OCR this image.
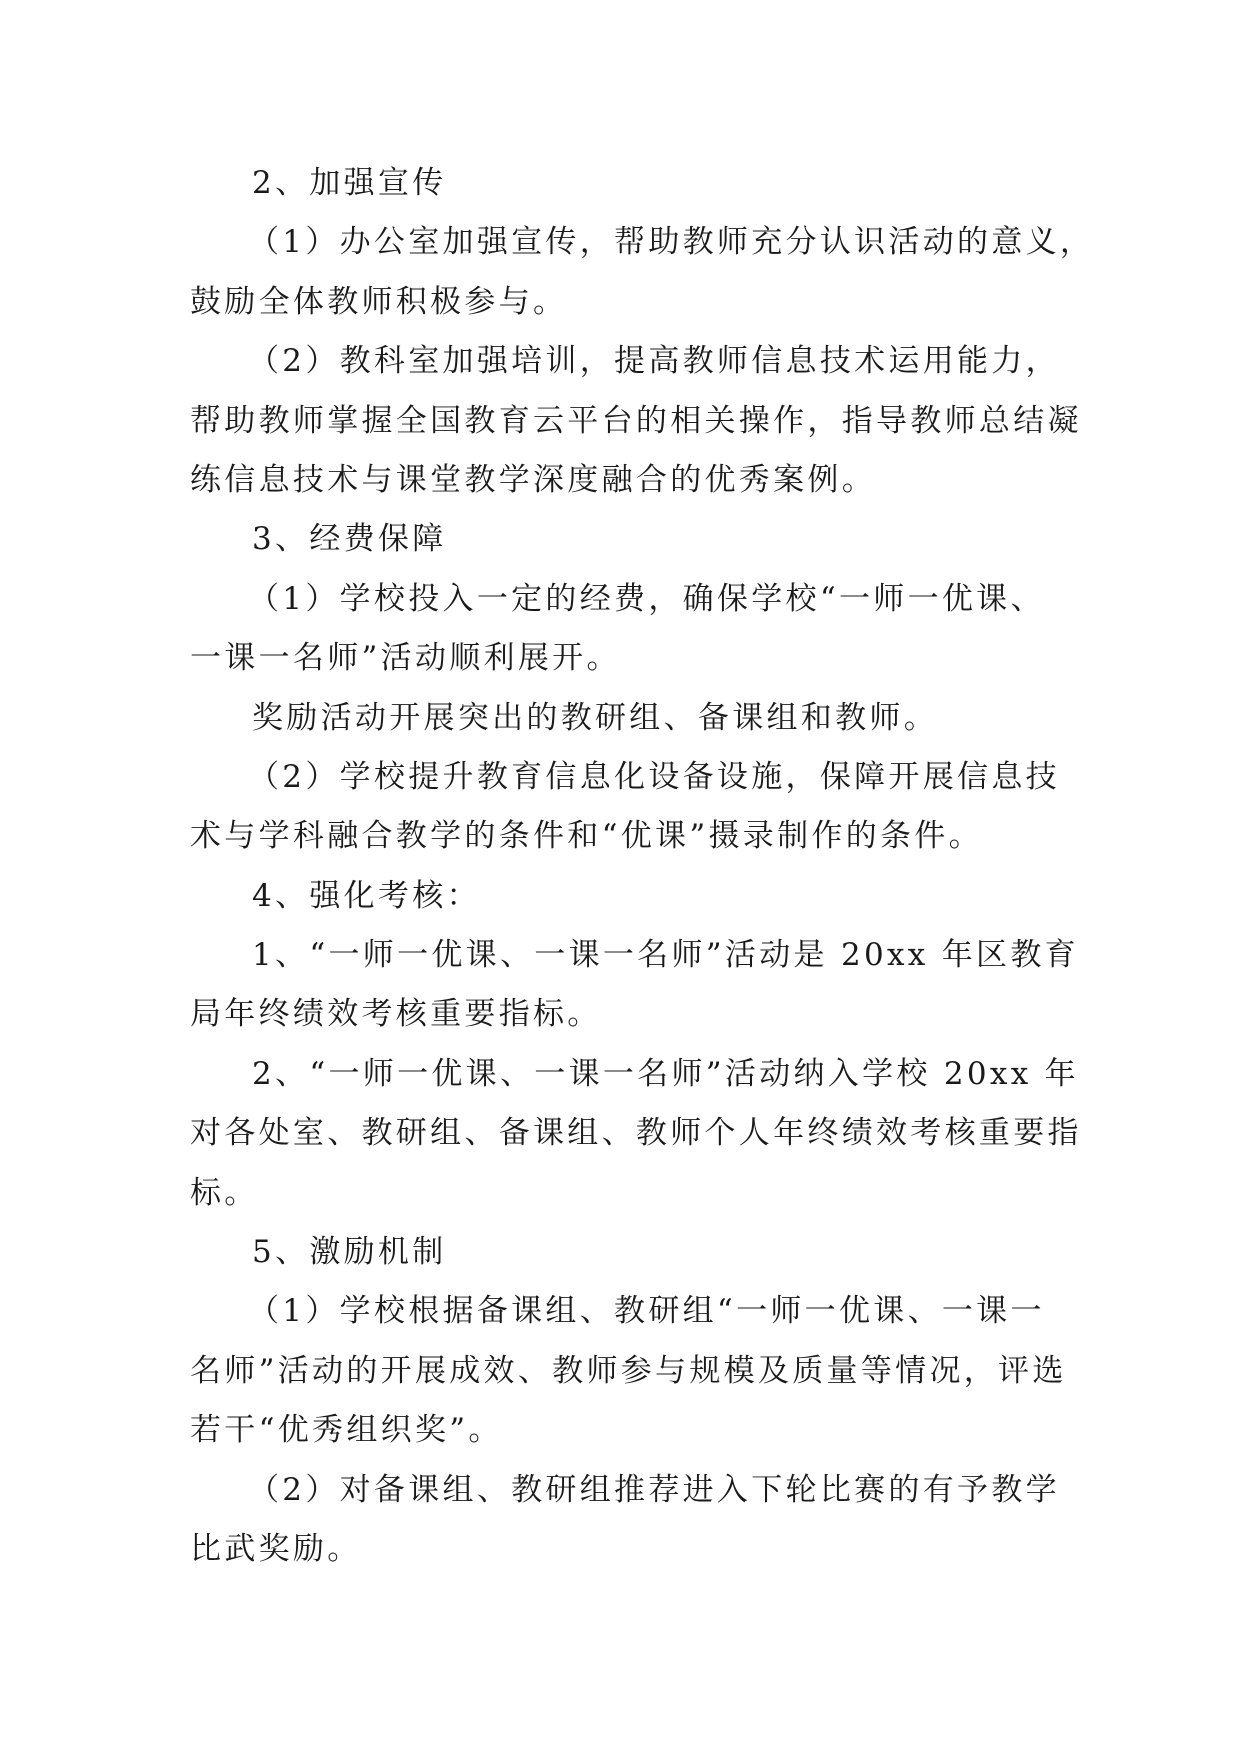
2、加强宣传
（1）办公室加强宣传，帮助教师充分认识活动的意义，
鼓励全体教师积极参与。
（2）教科室加强培训，提高教师信息技术运用能力，
帮助教师掌握全国教育云平台的相关操作，指导教师总结凝
练信息技术与课堂教学深度融合的优秀案例。
3、经费保障
（1）学校投入一定的经费，确保学校“一师一优课、
一课一名师”活动顺利展开。
奖励活动开展突出的教研组、备课组和教师。
（2）学校提升教育信息化设备设施，保障开展信息技
术与学科融合教学的条件和“优课”摄录制作的条件。
4、强化考核：
1、“一师一优课、一课一名师”活动是 20xx 年区教育
局年终绩效考核重要指标。
2、“一师一优课、一课一名师”活动纳入学校 20xx 年
对各处室、教研组、备课组、教师个人年终绩效考核重要指
标。
5、激励机制
（1）学校根据备课组、教研组“一师一优课、一课一
名师”活动的开展成效、教师参与规模及质量等情况，评选
若干“优秀组织奖”。
（2）对备课组、教研组推荐进入下轮比赛的有予教学
比武奖励。
